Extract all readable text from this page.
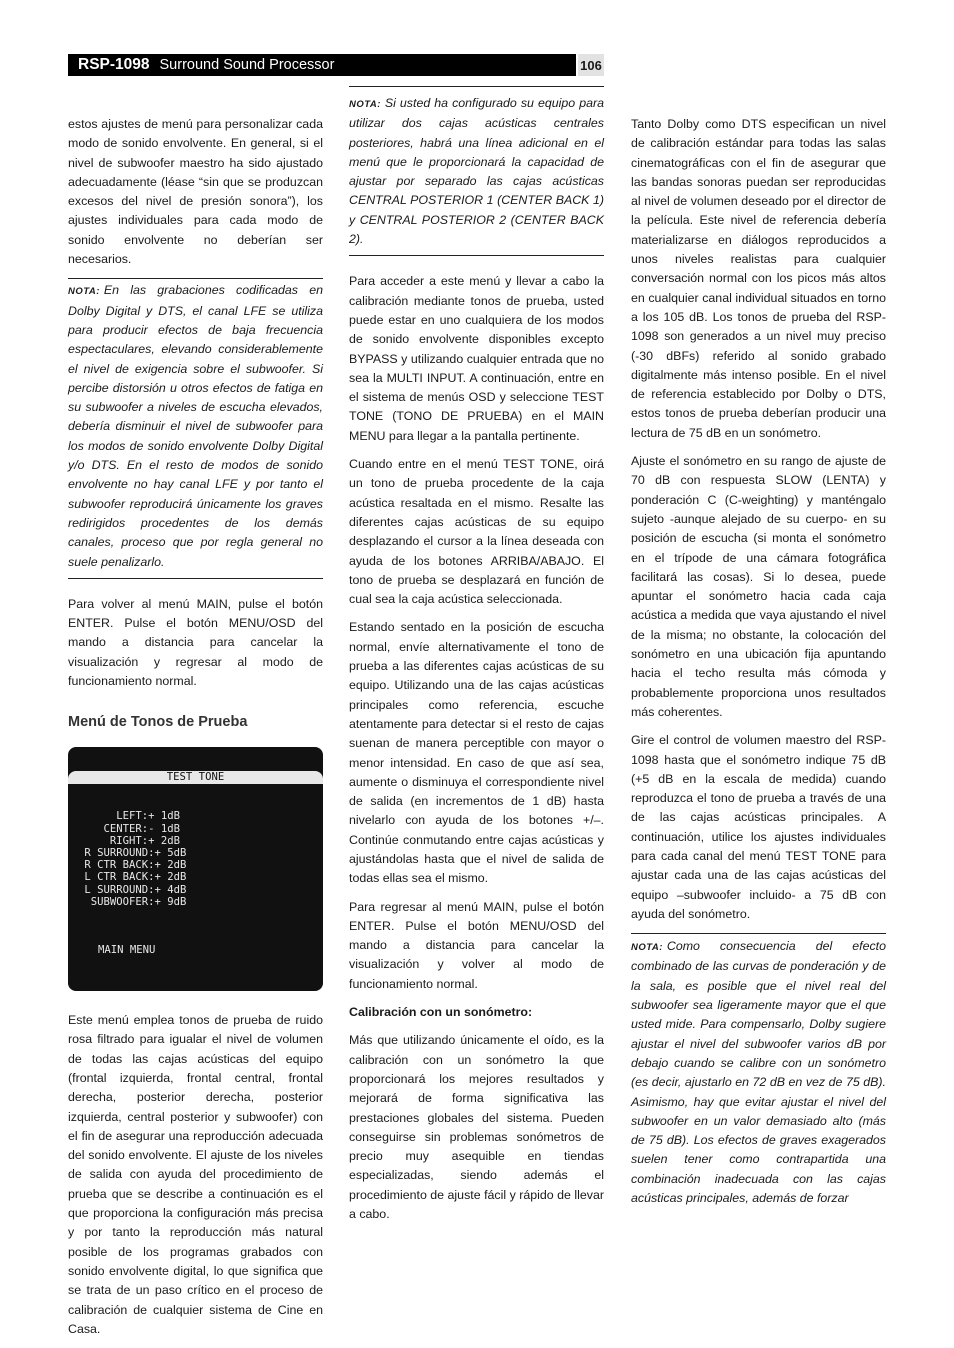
RSP-1098 Surround Sound Processor	106

estos ajustes de menú para personalizar cada modo de sonido envolvente. En general, si el nivel de subwoofer maestro ha sido ajustado adecuadamente (léase “sin que se produzcan excesos del nivel de presión sonora”), los ajustes individuales para cada modo de sonido envolvente no deberían ser necesarios.

NOTA: En las grabaciones codificadas en Dolby Digital y DTS, el canal LFE se utiliza para producir efectos de baja frecuencia espectaculares, elevando considerablemente el nivel de exigencia sobre el subwoofer. Si percibe distorsión u otros efectos de fatiga en su subwoofer a niveles de escucha elevados, debería disminuir el nivel de subwoofer para los modos de sonido envolvente Dolby Digital y/o DTS. En el resto de modos de sonido envolvente no hay canal LFE y por tanto el subwoofer reproducirá únicamente los graves redirigidos procedentes de los demás canales, proceso que por regla general no suele penalizarlo.

Para volver al menú MAIN, pulse el botón ENTER. Pulse el botón MENU/OSD del mando a distancia para cancelar la visualización y regresar al modo de funcionamiento normal.

Menú de Tonos de Prueba

TEST TONE

LEFT:+ 1dB
CENTER:- 1dB
RIGHT:+ 2dB
R SURROUND:+ 5dB
R CTR BACK:+ 2dB
L CTR BACK:+ 2dB
L SURROUND:+ 4dB
SUBWOOFER:+ 9dB

MAIN MENU

Este menú emplea tonos de prueba de ruido rosa filtrado para igualar el nivel de volumen de todas las cajas acústicas del equipo (frontal izquierda, frontal central, frontal derecha, posterior derecha, posterior izquierda, central posterior y subwoofer) con el fin de asegurar una reproducción adecuada del sonido envolvente. El ajuste de los niveles de salida con ayuda del procedimiento de prueba que se describe a continuación es el que proporciona la configuración más precisa y por tanto la reproducción más natural posible de los programas grabados con sonido envolvente digital, lo que significa que se trata de un paso crítico en el proceso de calibración de cualquier sistema de Cine en Casa.

NOTA: Si usted ha configurado su equipo para utilizar dos cajas acústicas centrales posteriores, habrá una línea adicional en el menú que le proporcionará la capacidad de ajustar por separado las cajas acústicas CENTRAL POSTERIOR 1 (CENTER BACK 1) y CENTRAL POSTERIOR 2 (CENTER BACK 2).

Para acceder a este menú y llevar a cabo la calibración mediante tonos de prueba, usted puede estar en uno cualquiera de los modos de sonido envolvente disponibles excepto BYPASS y utilizando cualquier entrada que no sea la MULTI INPUT. A continuación, entre en el sistema de menús OSD y seleccione TEST TONE (TONO DE PRUEBA) en el MAIN MENU para llegar a la pantalla pertinente.

Cuando entre en el menú TEST TONE, oirá un tono de prueba procedente de la caja acústica resaltada en el mismo. Resalte las diferentes cajas acústicas de su equipo desplazando el cursor a la línea deseada con ayuda de los botones ARRIBA/ABAJO. El tono de prueba se desplazará en función de cual sea la caja acústica seleccionada.

Estando sentado en la posición de escucha normal, envíe alternativamente el tono de prueba a las diferentes cajas acústicas de su equipo. Utilizando una de las cajas acústicas principales como referencia, escuche atentamente para detectar si el resto de cajas suenan de manera perceptible con mayor o menor intensidad. En caso de que así sea, aumente o disminuya el correspondiente nivel de salida (en incrementos de 1 dB) hasta nivelarlo con ayuda de los botones +/–. Continúe conmutando entre cajas acústicas y ajustándolas hasta que el nivel de salida de todas ellas sea el mismo.

Para regresar al menú MAIN, pulse el botón ENTER. Pulse el botón MENU/OSD del mando a distancia para cancelar la visualización y volver al modo de funcionamiento normal.

Calibración con un sonómetro:

Más que utilizando únicamente el oído, es la calibración con un sonómetro la que proporcionará los mejores resultados y mejorará de forma significativa las prestaciones globales del sistema. Pueden conseguirse sin problemas sonómetros de precio muy asequible en tiendas especializadas, siendo además el procedimiento de ajuste fácil y rápido de llevar a cabo.

Tanto Dolby como DTS especifican un nivel de calibración estándar para todas las salas cinematográficas con el fin de asegurar que las bandas sonoras puedan ser reproducidas al nivel de volumen deseado por el director de la película. Este nivel de referencia debería materializarse en diálogos reproducidos a unos niveles realistas para cualquier conversación normal con los picos más altos en cualquier canal individual situados en torno a los 105 dB. Los tonos de prueba del RSP-1098 son generados a un nivel muy preciso (-30 dBFs) referido al sonido grabado digitalmente más intenso posible. En el nivel de referencia establecido por Dolby o DTS, estos tonos de prueba deberían producir una lectura de 75 dB en un sonómetro.

Ajuste el sonómetro en su rango de ajuste de 70 dB con respuesta SLOW (LENTA) y ponderación C (C-weighting) y manténgalo sujeto -aunque alejado de su cuerpo- en su posición de escucha (si monta el sonómetro en el trípode de una cámara fotográfica facilitará las cosas). Si lo desea, puede apuntar el sonómetro hacia cada caja acústica a medida que vaya ajustando el nivel de la misma; no obstante, la colocación del sonómetro en una ubicación fija apuntando hacia el techo resulta más cómoda y probablemente proporciona unos resultados más coherentes.

Gire el control de volumen maestro del RSP-1098 hasta que el sonómetro indique 75 dB (+5 dB en la escala de medida) cuando reproduzca el tono de prueba a través de una de las cajas acústicas principales. A continuación, utilice los ajustes individuales para cada canal del menú TEST TONE para ajustar cada una de las cajas acústicas del equipo –subwoofer incluido- a 75 dB con ayuda del sonómetro.

NOTA: Como consecuencia del efecto combinado de las curvas de ponderación y de la sala, es posible que el nivel real del subwoofer sea ligeramente mayor que el que usted mide. Para compensarlo, Dolby sugiere ajustar el nivel del subwoofer varios dB por debajo cuando se calibre con un sonómetro (es decir, ajustarlo en 72 dB en vez de 75 dB). Asimismo, hay que evitar ajustar el nivel del subwoofer en un valor demasiado alto (más de 75 dB). Los efectos de graves exagerados suelen tener como contrapartida una combinación inadecuada con las cajas acústicas principales, además de forzar
